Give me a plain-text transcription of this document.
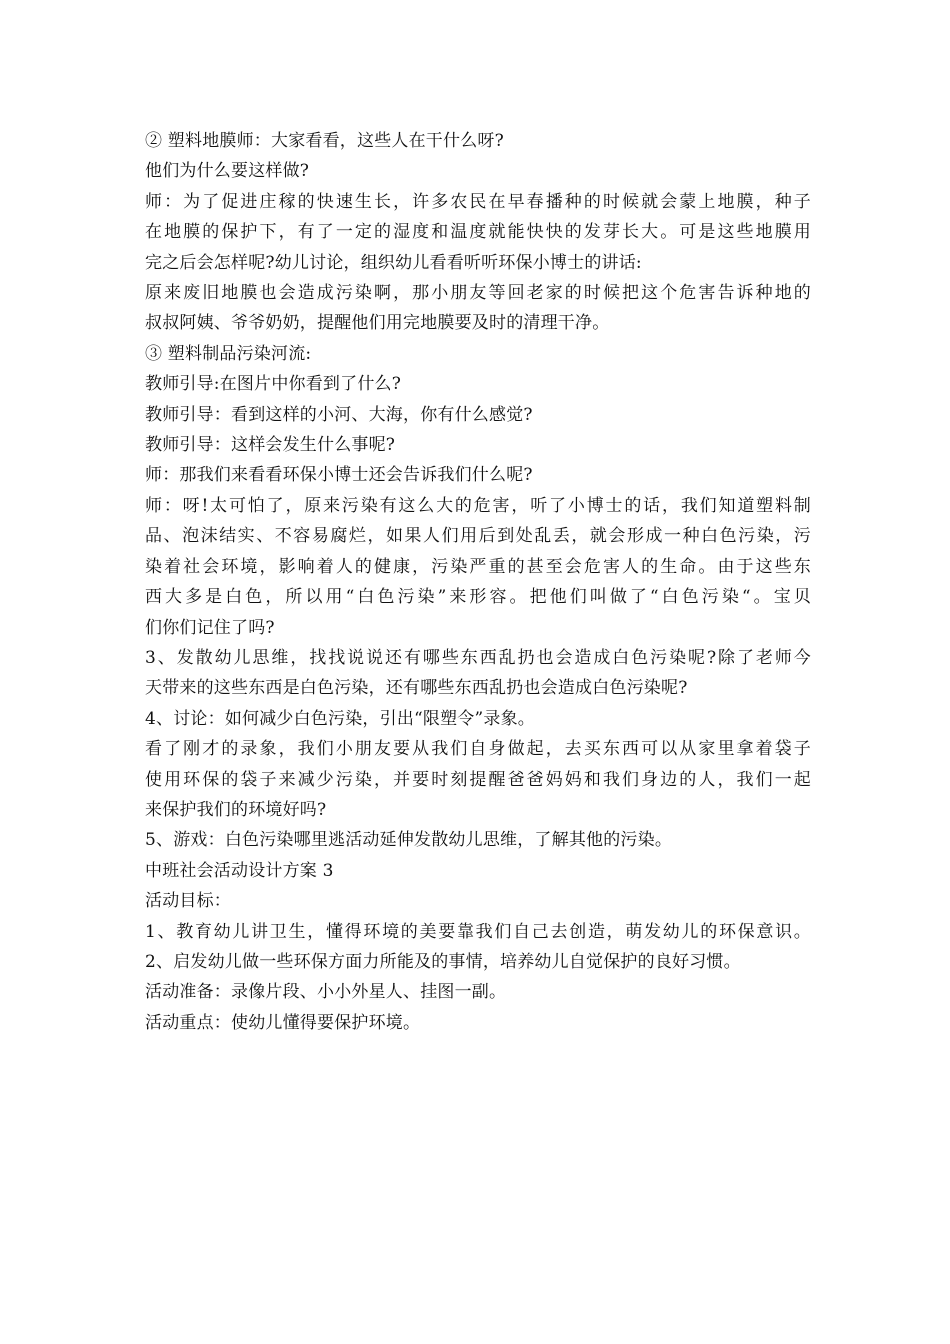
② 塑料地膜师：大家看看，这些人在干什么呀?

他们为什么要这样做?

师：为了促进庄稼的快速生长，许多农民在早春播种的时候就会蒙上地膜，种子

在地膜的保护下，有了一定的湿度和温度就能快快的发芽长大。可是这些地膜用

完之后会怎样呢?幼儿讨论，组织幼儿看看听听环保小博士的讲话:

原来废旧地膜也会造成污染啊，那小朋友等回老家的时候把这个危害告诉种地的

叔叔阿姨、爷爷奶奶，提醒他们用完地膜要及时的清理干净。

③ 塑料制品污染河流:

教师引导:在图片中你看到了什么?

教师引导：看到这样的小河、大海，你有什么感觉?

教师引导：这样会发生什么事呢?

师：那我们来看看环保小博士还会告诉我们什么呢?

师：呀!太可怕了，原来污染有这么大的危害，听了小博士的话，我们知道塑料制

品、泡沫结实、不容易腐烂，如果人们用后到处乱丢，就会形成一种白色污染，污

染着社会环境，影响着人的健康，污染严重的甚至会危害人的生命。由于这些东

西大多是白色，所以用“白色污染”来形容。把他们叫做了“白色污染“。宝贝

们你们记住了吗?

3、发散幼儿思维，找找说说还有哪些东西乱扔也会造成白色污染呢?除了老师今

天带来的这些东西是白色污染，还有哪些东西乱扔也会造成白色污染呢?

4、讨论：如何减少白色污染，引出“限塑令”录象。

看了刚才的录象，我们小朋友要从我们自身做起，去买东西可以从家里拿着袋子

使用环保的袋子来减少污染，并要时刻提醒爸爸妈妈和我们身边的人，我们一起

来保护我们的环境好吗?

5、游戏：白色污染哪里逃活动延伸发散幼儿思维，了解其他的污染。

中班社会活动设计方案 3

活动目标：

1、教育幼儿讲卫生，懂得环境的美要靠我们自己去创造，萌发幼儿的环保意识。

2、启发幼儿做一些环保方面力所能及的事情，培养幼儿自觉保护的良好习惯。

活动准备：录像片段、小小外星人、挂图一副。

活动重点：使幼儿懂得要保护环境。
